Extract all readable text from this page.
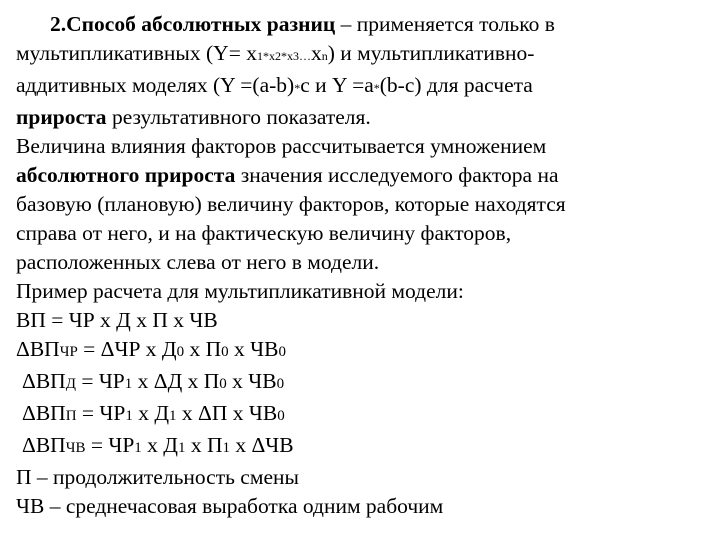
2.Способ абсолютных разниц – применяется только в
мультипликативных (Y= x1*x2*x3…xn) и мультипликативно-
аддитивных моделях (Y =(a-b)*c и Y =a*(b-c) для расчета
прироста результативного показателя.
Величина влияния факторов рассчитывается умножением
абсолютного прироста значения исследуемого фактора на
базовую (плановую) величину факторов, которые находятся
справа от него, и на фактическую величину факторов,
расположенных слева от него в модели.
Пример расчета для мультипликативной модели:
ВП = ЧР х Д х П х ЧВ
ΔВПЧР = ΔЧР х Д0 х П0 х ЧВ0
ΔВПД = ЧР1 х ΔД х П0 х ЧВ0
ΔВПП = ЧР1 х Д1 х ΔП х ЧВ0
ΔВПЧВ = ЧР1 х Д1 х П1 х ΔЧВ
П – продолжительность смены
ЧВ – среднечасовая выработка одним рабочим
